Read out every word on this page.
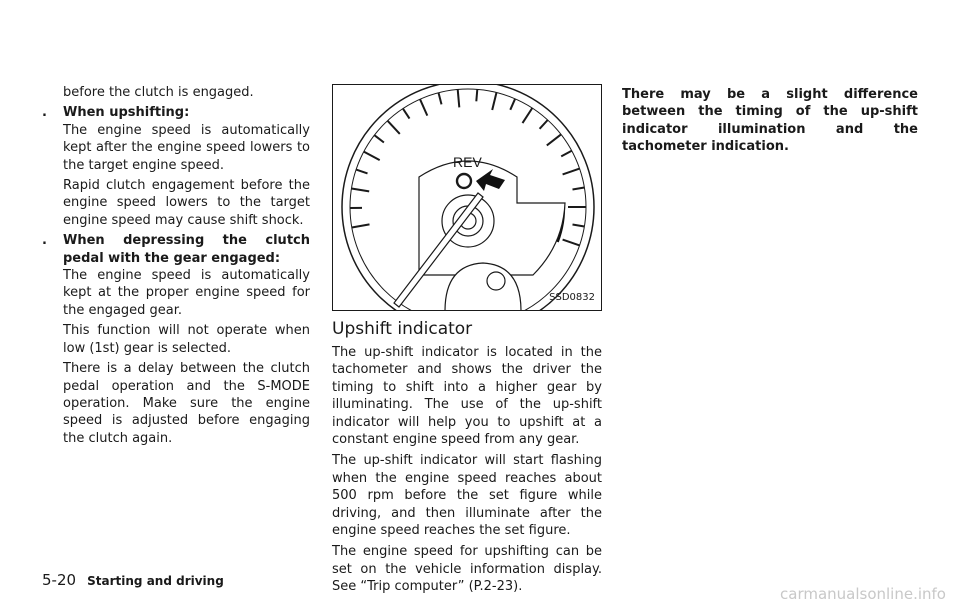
before the clutch is engaged.

. When upshifting:

The engine speed is automatically kept after the engine speed lowers to the target engine speed.

Rapid clutch engagement before the engine speed lowers to the target engine speed may cause shift shock.

. When depressing the clutch pedal with the gear engaged:

The engine speed is automatically kept at the proper engine speed for the engaged gear.

This function will not operate when low (1st) gear is selected.

There is a delay between the clutch pedal operation and the S-MODE operation. Make sure the engine speed is adjusted before engaging the clutch again.

REV
SSD0832
Upshift indicator

The up-shift indicator is located in the tachometer and shows the driver the timing to shift into a higher gear by illuminating. The use of the up-shift indicator will help you to upshift at a constant engine speed from any gear.

The up-shift indicator will start flashing when the engine speed reaches about 500 rpm before the set figure while driving, and then illuminate after the engine speed reaches the set figure.

The engine speed for upshifting can be set on the vehicle information display. See “Trip computer” (P.2-23).

There may be a slight difference between the timing of the up-shift indicator illumination and the tachometer indication.

5-20 Starting and driving
carmanualsonline.info
